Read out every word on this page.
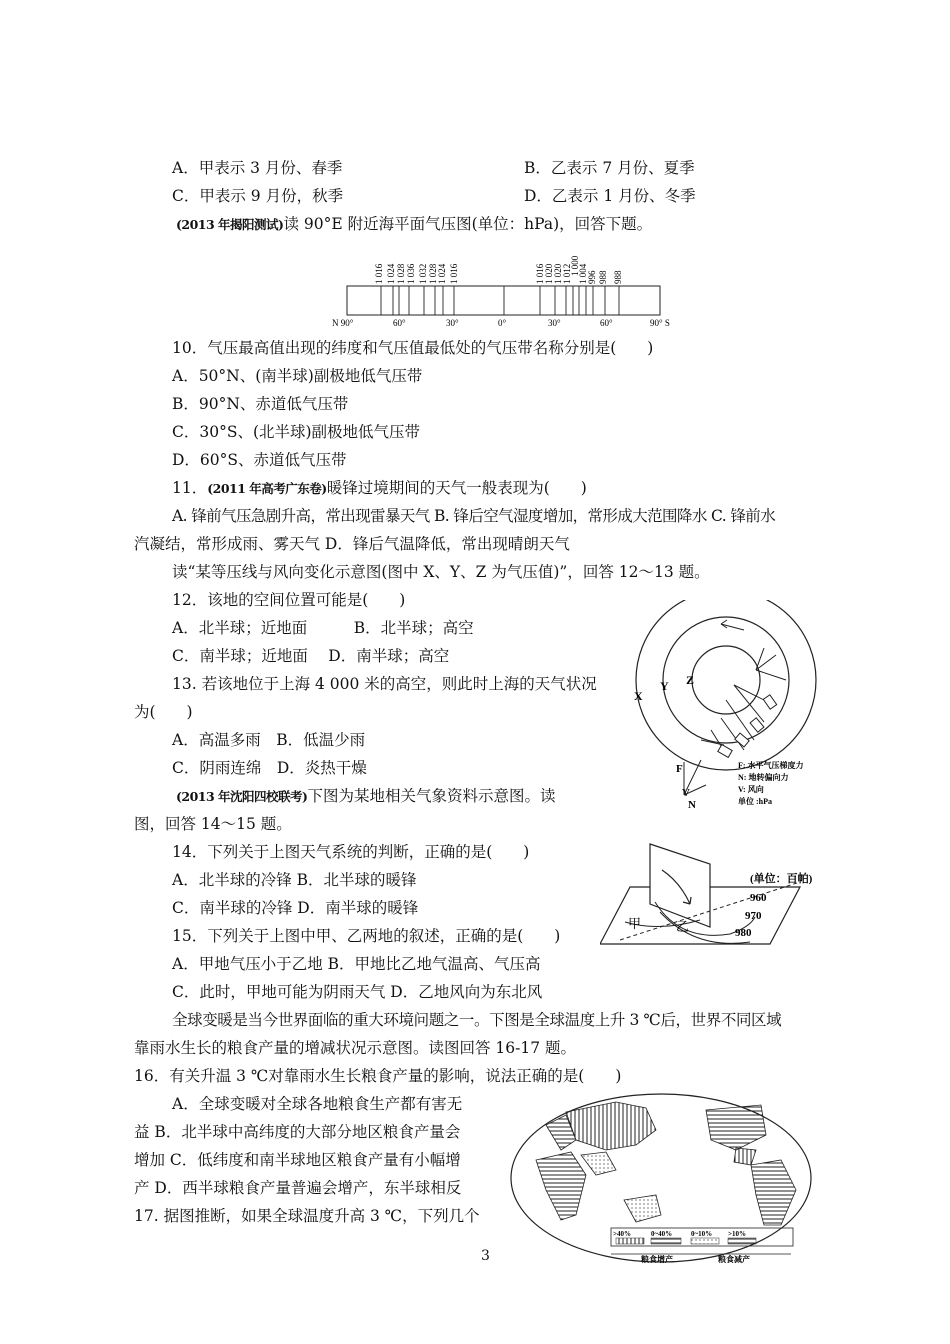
A．甲表示 3 月份、春季	B．乙表示 7 月份、夏季
C．甲表示 9 月份，秋季	D．乙表示 1 月份、冬季
(2013 年揭阳测试)读 90°E 附近海平面气压图(单位：hPa)，回答下题。
1 016 1 024 1 028 1 036 1 032 1 028 1 024 1 016	1 016 1 020 1 020 1 012
1 000
1 004 996 988 988
N 90°	60°	30°	0°	30°	60°	90° S
10．气压最高值出现的纬度和气压值最低处的气压带名称分别是(　　)
A．50°N、(南半球)副极地低气压带
B．90°N、赤道低气压带
C．30°S、(北半球)副极地低气压带
D．60°S、赤道低气压带
11．(2011 年高考广东卷)暖锋过境期间的天气一般表现为(　　)
A. 锋前气压急剧升高，常出现雷暴天气 B. 锋后空气湿度增加，常形成大范围降水 C. 锋前水
汽凝结，常形成雨、雾天气 D．锋后气温降低，常出现晴朗天气
读“某等压线与风向变化示意图(图中 X、Y、Z 为气压值)”，回答 12～13 题。
12．该地的空间位置可能是(　　)
A．北半球；近地面　　　B．北半球；高空
C．南半球；近地面　 D．南半球；高空
13. 若该地位于上海 4 000 米的高空，则此时上海的天气状况
为(　　)
A．高温多雨　B．低温少雨
C．阴雨连绵　D．炎热干燥
X
Y Z
F
V
N
F: 水平气压梯度力
N: 地转偏向力
V: 风向
单位 :hPa
(2013 年沈阳四校联考)下图为某地相关气象资料示意图。读
图，回答 14～15 题。
14．下列关于上图天气系统的判断，正确的是(　　)
A．北半球的冷锋 B．北半球的暖锋
C．南半球的冷锋 D．南半球的暖锋
15．下列关于上图中甲、乙两地的叙述，正确的是(　　)
A．甲地气压小于乙地 B．甲地比乙地气温高、气压高
C．此时，甲地可能为阴雨天气 D．乙地风向为东北风
甲	乙
(单位：百帕)
960
970
980
全球变暖是当今世界面临的重大环境问题之一。下图是全球温度上升 3 ℃后，世界不同区域
靠雨水生长的粮食产量的增减状况示意图。读图回答 16-17 题。
16．有关升温 3 ℃对靠雨水生长粮食产量的影响，说法正确的是(　　)
A．全球变暖对全球各地粮食生产都有害无
益 B．北半球中高纬度的大部分地区粮食产量会
增加 C．低纬度和南半球地区粮食产量有小幅增
产 D．西半球粮食产量普遍会增产，东半球相反
17. 据图推断，如果全球温度升高 3 ℃，下列几个
>40%	0~40%	0~10% >10%
粮食增产	粮食减产
3
